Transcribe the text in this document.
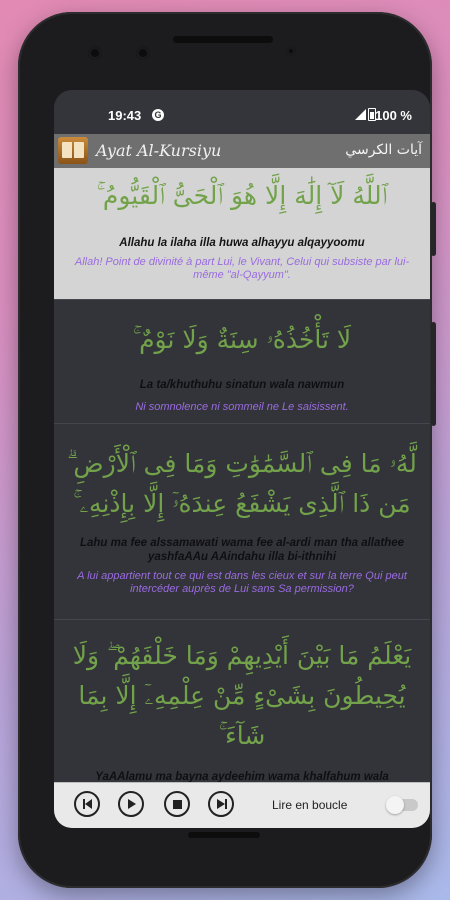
19:43 G	100 %
Ayat Al-Kursiyu	آيات الكرسي
ٱللَّهُ لَآ إِلَٰهَ إِلَّا هُوَ ٱلْحَىُّ ٱلْقَيُّومُ ۚ
Allahu la ilaha illa huwa alhayyu alqayyoomu
Allah! Point de divinité à part Lui, le Vivant, Celui qui subsiste par lui-même "al-Qayyum".
لَا تَأْخُذُهُۥ سِنَةٌ وَلَا نَوْمٌ ۚ
La ta/khuthuhu sinatun wala nawmun
Ni somnolence ni sommeil ne Le saisissent.
لَّهُۥ مَا فِى ٱلسَّمَٰوَٰتِ وَمَا فِى ٱلْأَرْضِ ۗ مَن ذَا ٱلَّذِى يَشْفَعُ عِندَهُۥٓ إِلَّا بِإِذْنِهِۦ ۚ
Lahu ma fee alssamawati wama fee al-ardi man tha allathee yashfaAAu AAindahu illa bi-ithnihi
A lui appartient tout ce qui est dans les cieux et sur la terre Qui peut intercéder auprès de Lui sans Sa permission?
يَعْلَمُ مَا بَيْنَ أَيْدِيهِمْ وَمَا خَلْفَهُمْ ۖ وَلَا يُحِيطُونَ بِشَىْءٍ مِّنْ عِلْمِهِۦٓ إِلَّا بِمَا شَآءَ ۚ
YaAAlamu ma bayna aydeehim wama khalfahum wala
Lire en boucle
